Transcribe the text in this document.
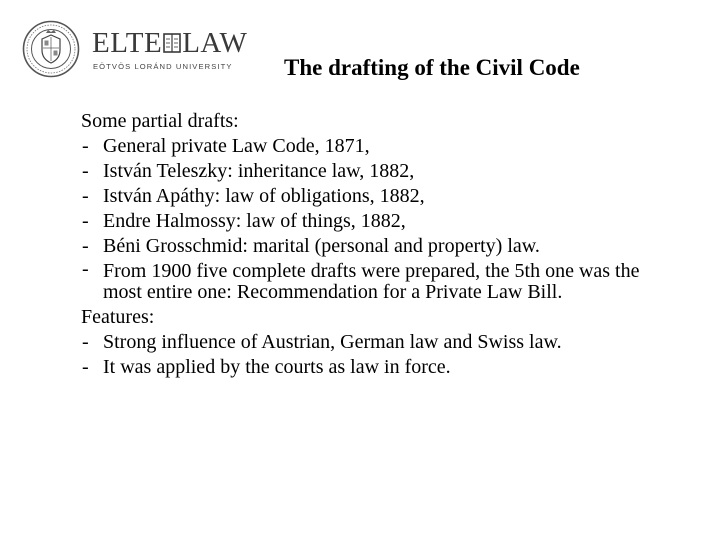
ELTE LAW
EÖTVÖS LORÁND UNIVERSITY The drafting of the Civil Code

Some partial drafts:

- General private Law Code, 1871,
- István Teleszky: inheritance law, 1882,
- István Apáthy: law of obligations, 1882,
- Endre Halmossy: law of things, 1882,
- Béni Grosschmid: marital (personal and property) law.
- From 1900 five complete drafts were prepared, the 5th one was the most entire one: Recommendation for a Private Law Bill.

Features:

- Strong influence of Austrian, German law and Swiss law.
- It was applied by the courts as law in force.
